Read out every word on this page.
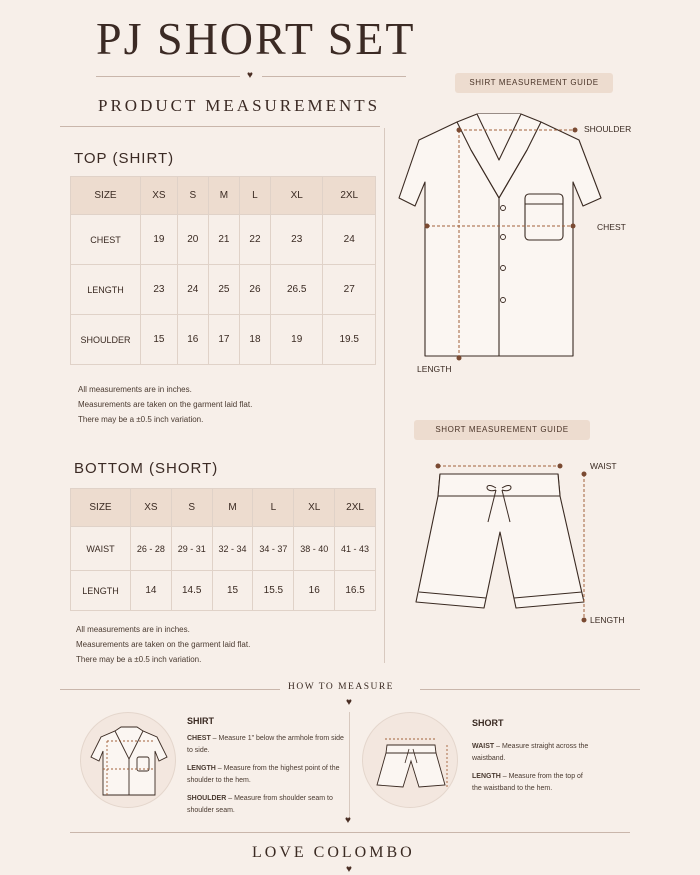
PJ SHORT SET
♥
PRODUCT MEASUREMENTS
TOP (SHIRT)
SIZE	XS	S	M	L	XL	2XL
CHEST	19	20	21	22	23	24
LENGTH	23	24	25	26	26.5	27
SHOULDER	15	16	17	18	19	19.5
All measurements are in inches.
Measurements are taken on the garment laid flat.
There may be a ±0.5 inch variation.
BOTTOM (SHORT)
SIZE	XS	S	M	L	XL	2XL
WAIST	26 - 28	29 - 31	32 - 34	34 - 37	38 - 40	41 - 43
LENGTH	14	14.5	15	15.5	16	16.5
All measurements are in inches.
Measurements are taken on the garment laid flat.
There may be a ±0.5 inch variation.
SHIRT MEASUREMENT GUIDE
SHOULDER
CHEST
LENGTH
SHORT MEASUREMENT GUIDE
WAIST
LENGTH
HOW TO MEASURE
♥
SHIRT
CHEST – Measure 1" below the armhole from side to side.
LENGTH – Measure from the highest point of the shoulder to the hem.
SHOULDER – Measure from shoulder seam to shoulder seam.
SHORT
WAIST – Measure straight across the waistband.
LENGTH – Measure from the top of the waistband to the hem.
♥
LOVE COLOMBO
♥
